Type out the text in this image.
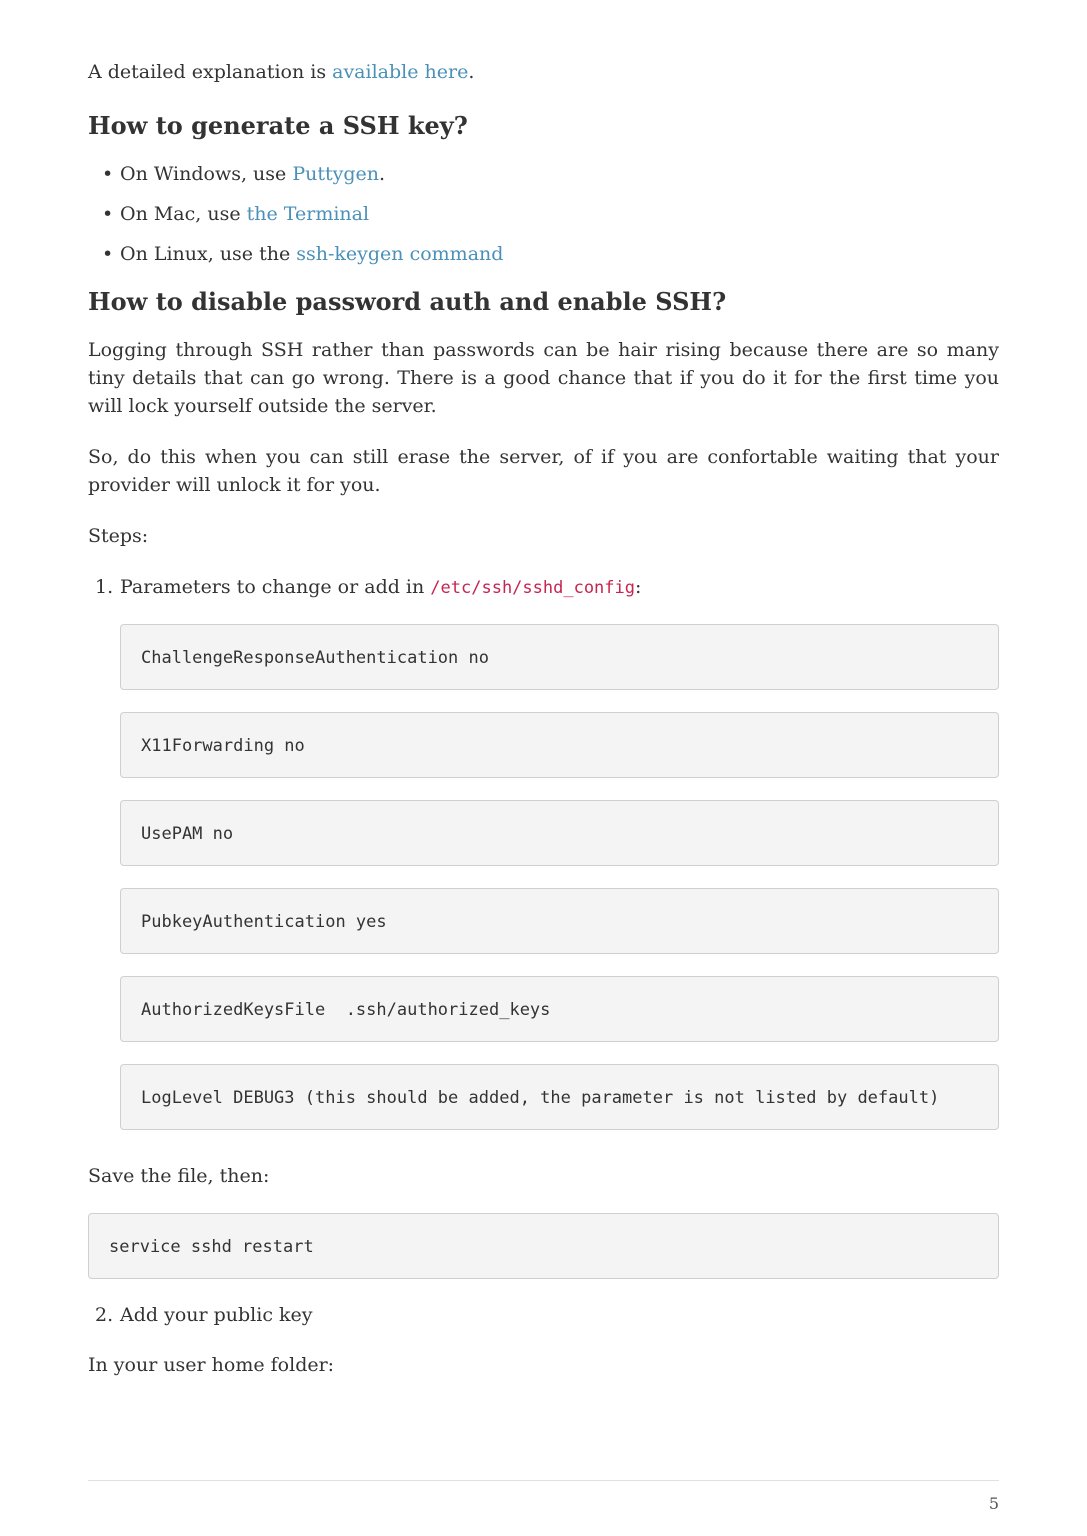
A detailed explanation is available here.

How to generate a SSH key?
• On Windows, use Puttygen.
• On Mac, use the Terminal
• On Linux, use the ssh-keygen command
How to disable password auth and enable SSH?

Logging through SSH rather than passwords can be hair rising because there are so many tiny details that can go wrong. There is a good chance that if you do it for the first time you will lock yourself outside the server.

So, do this when you can still erase the server, of if you are confortable waiting that your provider will unlock it for you.

Steps:

1. Parameters to change or add in /etc/ssh/sshd_config:
ChallengeResponseAuthentication no
X11Forwarding no
UsePAM no
PubkeyAuthentication yes
AuthorizedKeysFile  .ssh/authorized_keys
LogLevel DEBUG3 (this should be added, the parameter is not listed by default)

Save the file, then:

service sshd restart
2. Add your public key

In your user home folder:

5
